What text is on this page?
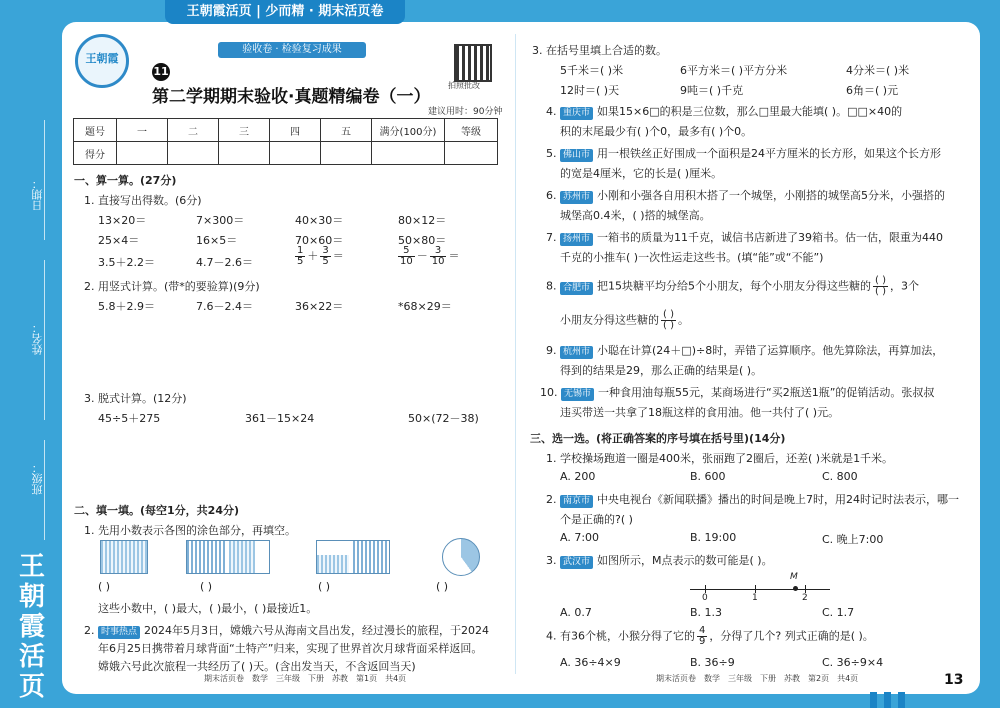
日期：
姓名：
班级：
王朝霞活页
王朝霞活页 | 少而精 · 期末活页卷
王朝霞
验收卷 · 检验复习成果
11第二学期期末验收·真题精编卷（一）
拍照批改
建议用时：90分钟
题号	一	二	三	四	五	满分(100分)	等级
得分							
一、算一算。(27分)
1. 直接写出得数。(6分)
13×20＝	7×300＝	40×30＝	80×12＝
25×4＝	16×5＝	70×60＝	50×80＝
3.5＋2.2＝	4.7－2.6＝	$\frac{1}{5} + \frac{3}{5}$ ＝	$\frac{5}{10} - \frac{3}{10}$ ＝
2. 用竖式计算。(带*的要验算)(9分)
5.8＋2.9＝	7.6－2.4＝	36×22＝	*68×29＝
3. 脱式计算。(12分)
45÷5＋275	361－15×24	50×(72－38)
二、填一填。(每空1分，共24分)
1. 先用小数表示各图的涂色部分，再填空。
( )	( )	( )	( )
这些小数中，( )最大，( )最小，( )最接近1。
2. 时事热点 2024年5月3日，嫦娥六号从海南文昌出发，经过漫长的旅程，于2024
年6月25日携带着月球背面“土特产”归来，实现了世界首次月球背面采样返回。
嫦娥六号此次旅程一共经历了( )天。(含出发当天，不含返回当天)
3. 在括号里填上合适的数。
5千米＝( )米	6平方米＝( )平方分米	4分米＝( )米
12时＝( )天	9吨＝( )千克	6角＝( )元
4. 重庆市 如果15×6□的积是三位数，那么□里最大能填( )。□□×40的
积的末尾最少有( )个0，最多有( )个0。
5. 佛山市 用一根铁丝正好围成一个面积是24平方厘米的长方形，如果这个长方形
的宽是4厘米，它的长是( )厘米。
6. 苏州市 小刚和小强各自用积木搭了一个城堡，小刚搭的城堡高5分米，小强搭的
城堡高0.4米，( )搭的城堡高。
7. 扬州市 一箱书的质量为11千克，诚信书店新进了39箱书。估一估，限重为440
千克的小推车( )一次性运走这些书。(填“能”或“不能”)
8. 合肥市 把15块糖平均分给5个小朋友，每个小朋友分得这些糖的 $\frac{( )}{( )}$ ，3个
小朋友分得这些糖的 $\frac{( )}{( )}$ 。
9. 杭州市 小聪在计算(24＋□)÷8时，弄错了运算顺序。他先算除法，再算加法，
得到的结果是29，那么正确的结果是( )。
10. 无锡市 一种食用油每瓶55元，某商场进行“买2瓶送1瓶”的促销活动。张叔叔
违买带送一共拿了18瓶这样的食用油。他一共付了( )元。
三、选一选。(将正确答案的序号填在括号里)(14分)
1. 学校操场跑道一圈是400米，张丽跑了2圈后，还差( )米就是1千米。
A. 200	B. 600	C. 800
2. 南京市 中央电视台《新闻联播》播出的时间是晚上7时，用24时记时法表示，哪一
个是正确的?( )
A. 7:00	B. 19:00	C. 晚上7:00
3. 武汉市 如图所示，M点表示的数可能是( )。
M
0	1	2
A. 0.7	B. 1.3	C. 1.7
4. 有36个桃，小猴分得了它的 $\frac{4}{9}$ ，分得了几个? 列式正确的是( )。
A. 36÷4×9	B. 36÷9	C. 36÷9×4
期末活页卷　数学　三年级　下册　苏教　第1页　共4页	期末活页卷　数学　三年级　下册　苏教　第2页　共4页	13
